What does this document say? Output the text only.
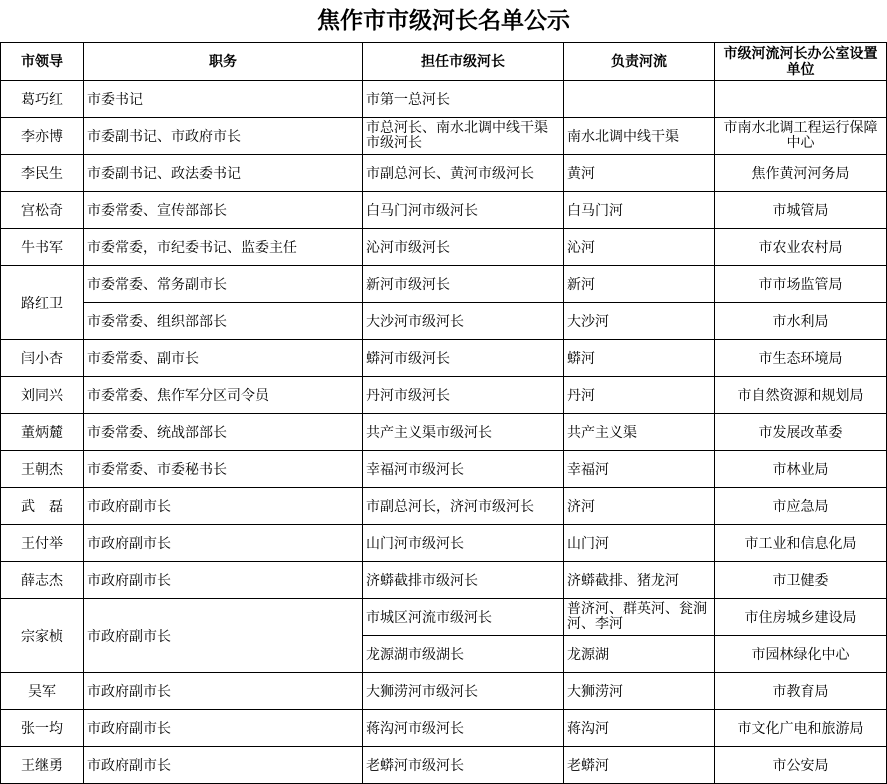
焦作市市级河长名单公示
市领导	职务	担任市级河长	负责河流	市级河流河长办公室设置单位
葛巧红	市委书记	市第一总河长		
李亦博	市委副书记、市政府市长	市总河长、南水北调中线干渠市级河长	南水北调中线干渠	市南水北调工程运行保障中心
李民生	市委副书记、政法委书记	市副总河长、黄河市级河长	黄河	焦作黄河河务局
宫松奇	市委常委、宣传部部长	白马门河市级河长	白马门河	市城管局
牛书军	市委常委，市纪委书记、监委主任	沁河市级河长	沁河	市农业农村局
路红卫	市委常委、常务副市长	新河市级河长	新河	市市场监管局
	市委常委、组织部部长	大沙河市级河长	大沙河	市水利局
闫小杏	市委常委、副市长	蟒河市级河长	蟒河	市生态环境局
刘同兴	市委常委、焦作军分区司令员	丹河市级河长	丹河	市自然资源和规划局
董炳麓	市委常委、统战部部长	共产主义渠市级河长	共产主义渠	市发展改革委
王朝杰	市委常委、市委秘书长	幸福河市级河长	幸福河	市林业局
武　磊	市政府副市长	市副总河长，济河市级河长	济河	市应急局
王付举	市政府副市长	山门河市级河长	山门河	市工业和信息化局
薛志杰	市政府副市长	济蟒截排市级河长	济蟒截排、猪龙河	市卫健委
宗家桢	市政府副市长	市城区河流市级河长	普济河、群英河、瓮涧河、李河	市住房城乡建设局
		龙源湖市级湖长	龙源湖	市园林绿化中心
吴军	市政府副市长	大狮涝河市级河长	大狮涝河	市教育局
张一均	市政府副市长	蒋沟河市级河长	蒋沟河	市文化广电和旅游局
王继勇	市政府副市长	老蟒河市级河长	老蟒河	市公安局
